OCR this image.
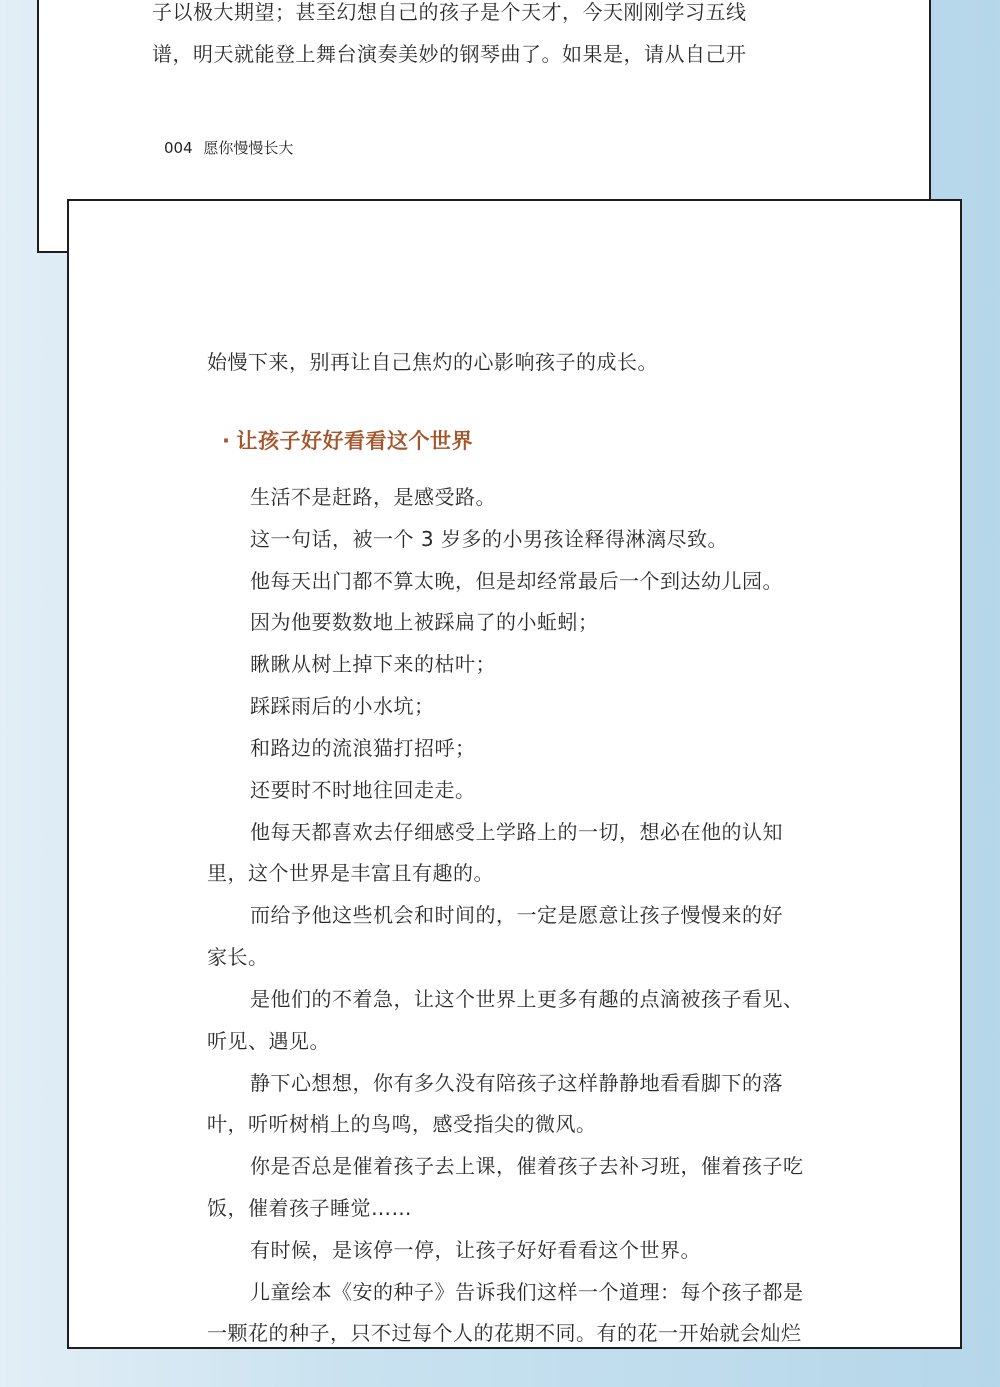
子以极大期望；甚至幻想自己的孩子是个天才，今天刚刚学习五线

谱，明天就能登上舞台演奏美妙的钢琴曲了。如果是，请从自己开

004 愿你慢慢长大

始慢下来，别再让自己焦灼的心影响孩子的成长。

· 让孩子好好看看这个世界

生活不是赶路，是感受路。

这一句话，被一个 3 岁多的小男孩诠释得淋漓尽致。

他每天出门都不算太晚，但是却经常最后一个到达幼儿园。

因为他要数数地上被踩扁了的小蚯蚓；

瞅瞅从树上掉下来的枯叶；

踩踩雨后的小水坑；

和路边的流浪猫打招呼；

还要时不时地往回走走。

他每天都喜欢去仔细感受上学路上的一切，想必在他的认知

里，这个世界是丰富且有趣的。

而给予他这些机会和时间的，一定是愿意让孩子慢慢来的好

家长。

是他们的不着急，让这个世界上更多有趣的点滴被孩子看见、

听见、遇见。

静下心想想，你有多久没有陪孩子这样静静地看看脚下的落

叶，听听树梢上的鸟鸣，感受指尖的微风。

你是否总是催着孩子去上课，催着孩子去补习班，催着孩子吃

饭，催着孩子睡觉……

有时候，是该停一停，让孩子好好看看这个世界。

儿童绘本《安的种子》告诉我们这样一个道理：每个孩子都是

一颗花的种子，只不过每个人的花期不同。有的花一开始就会灿烂
